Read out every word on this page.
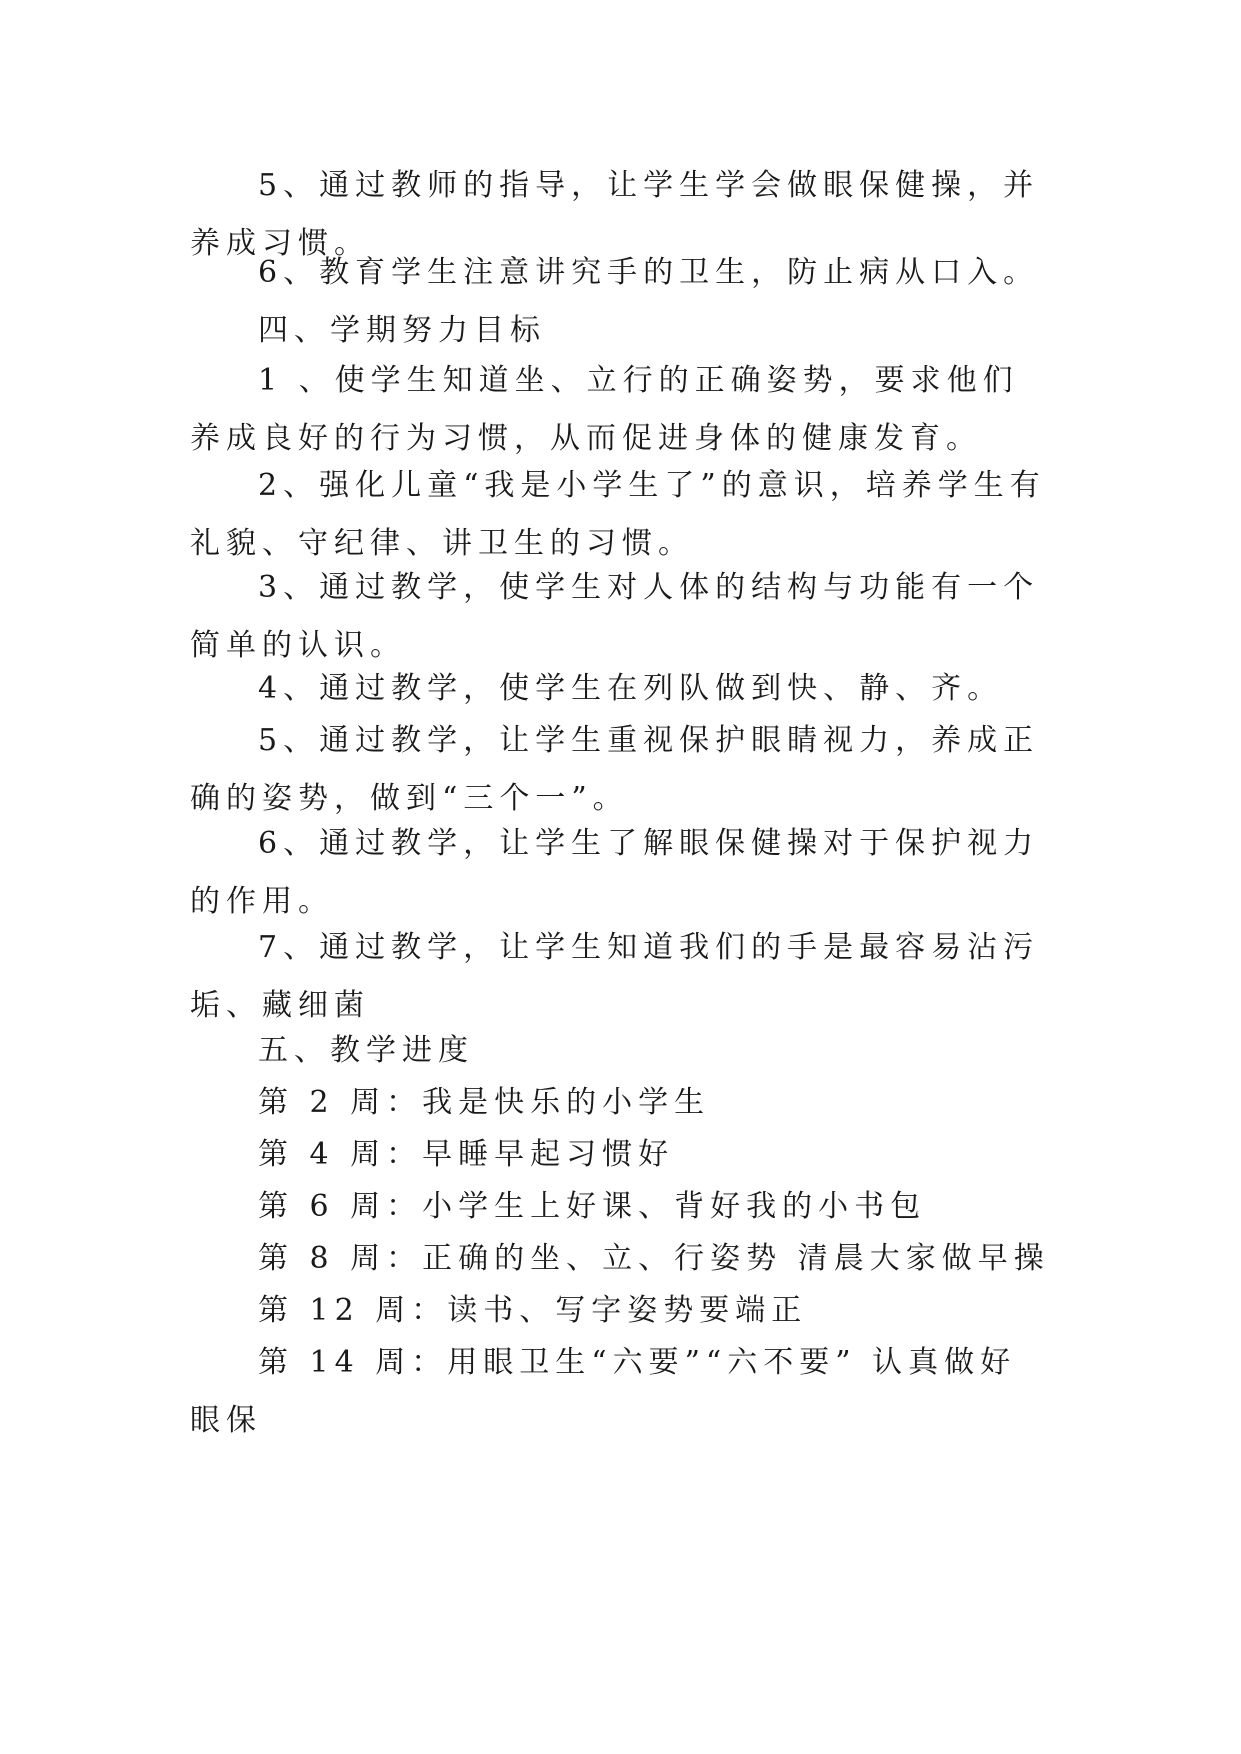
5、通过教师的指导，让学生学会做眼保健操，并养成习惯。

6、教育学生注意讲究手的卫生，防止病从口入。

四、学期努力目标

1 、使学生知道坐、立行的正确姿势，要求他们养成良好的行为习惯，从而促进身体的健康发育。

2、强化儿童“我是小学生了”的意识，培养学生有礼貌、守纪律、讲卫生的习惯。

3、通过教学，使学生对人体的结构与功能有一个简单的认识。

4、通过教学，使学生在列队做到快、静、齐。

5、通过教学，让学生重视保护眼睛视力，养成正确的姿势，做到“三个一”。

6、通过教学，让学生了解眼保健操对于保护视力的作用。

7、通过教学，让学生知道我们的手是最容易沾污垢、藏细菌

五、教学进度

第 2 周：我是快乐的小学生

第 4 周：早睡早起习惯好

第 6 周：小学生上好课、背好我的小书包

第 8 周：正确的坐、立、行姿势 清晨大家做早操

第 12 周：读书、写字姿势要端正

第 14 周：用眼卫生“六要”“六不要” 认真做好眼保
